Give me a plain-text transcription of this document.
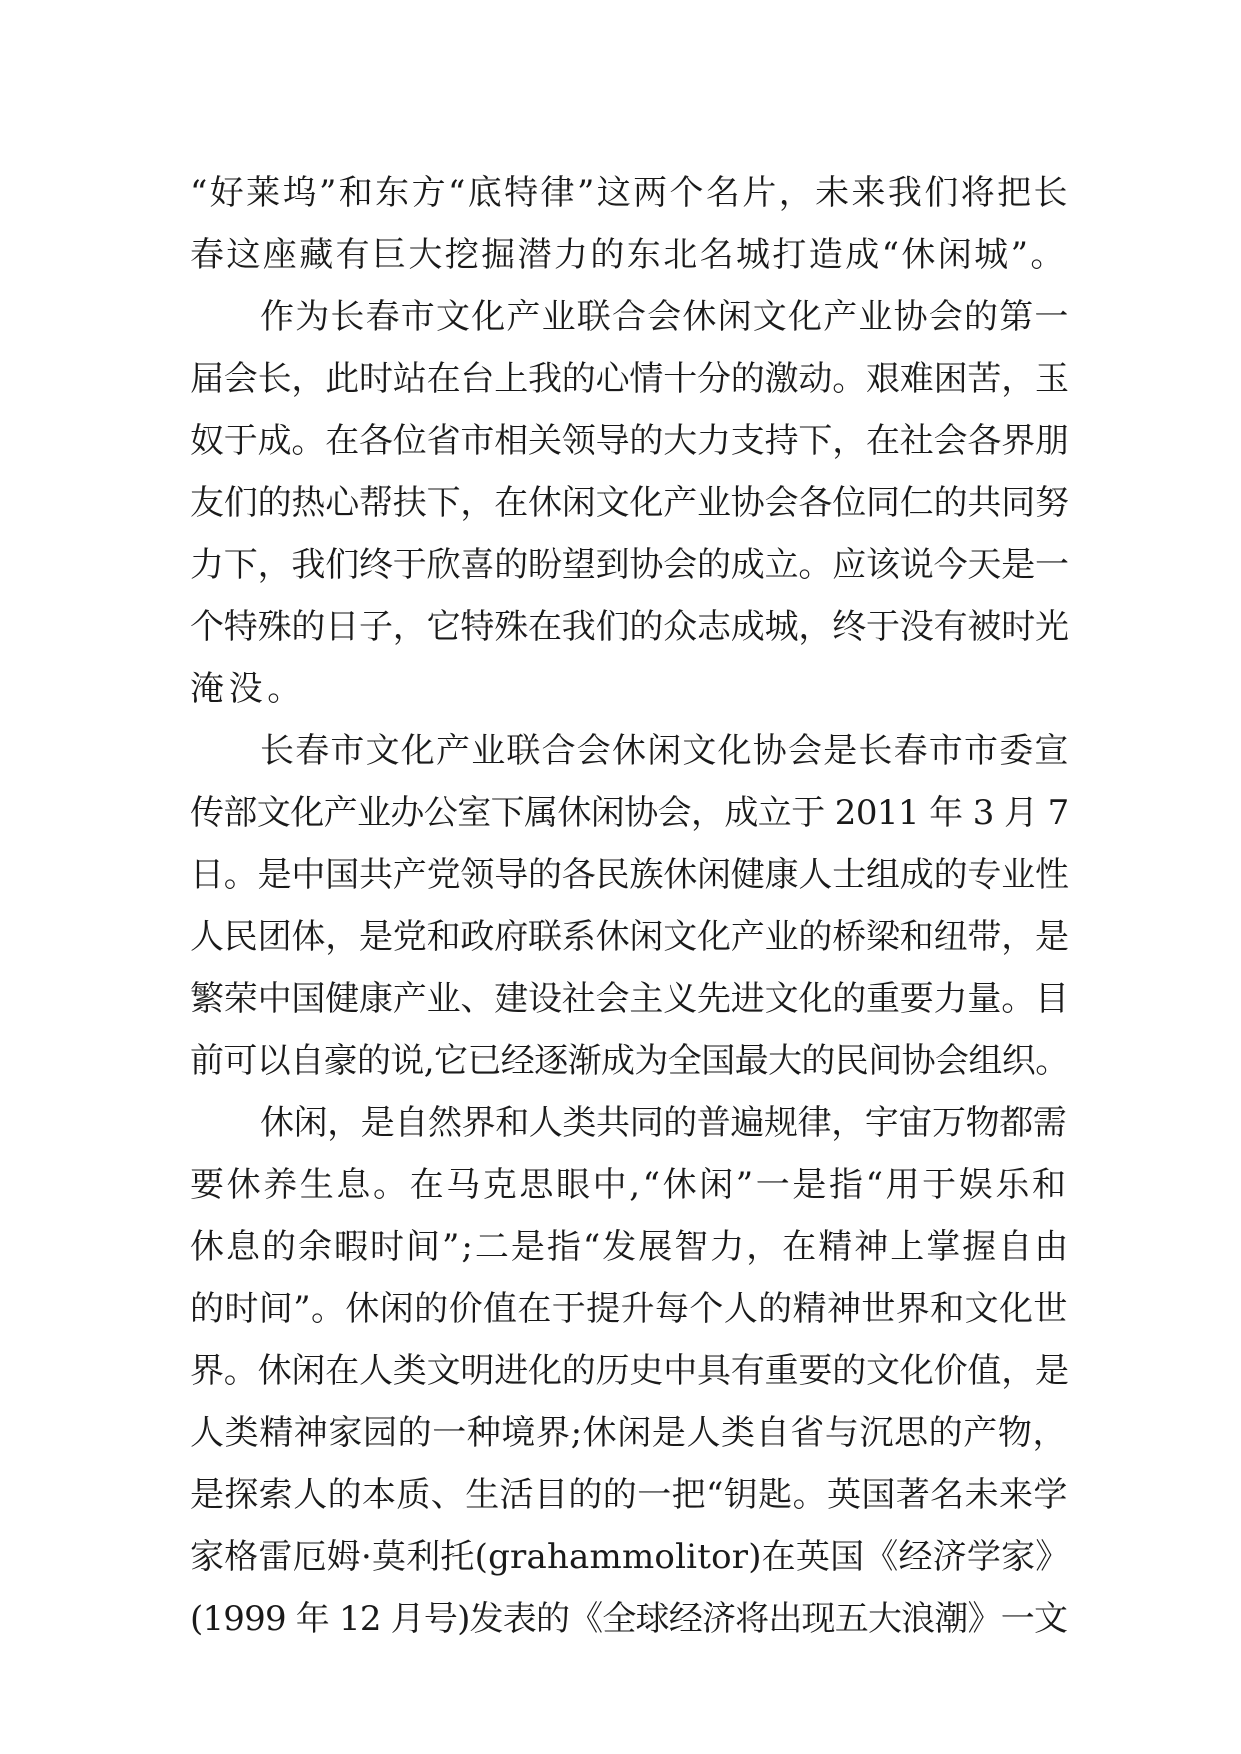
“好莱坞”和东方“底特律”这两个名片，未来我们将把长
春这座藏有巨大挖掘潜力的东北名城打造成“休闲城”。
作为长春市文化产业联合会休闲文化产业协会的第一
届会长，此时站在台上我的心情十分的激动。艰难困苦，玉
奴于成。在各位省市相关领导的大力支持下，在社会各界朋
友们的热心帮扶下，在休闲文化产业协会各位同仁的共同努
力下，我们终于欣喜的盼望到协会的成立。应该说今天是一
个特殊的日子，它特殊在我们的众志成城，终于没有被时光
淹没。
长春市文化产业联合会休闲文化协会是长春市市委宣
传部文化产业办公室下属休闲协会，成立于 2011 年 3 月 7
日。是中国共产党领导的各民族休闲健康人士组成的专业性
人民团体，是党和政府联系休闲文化产业的桥梁和纽带，是
繁荣中国健康产业、建设社会主义先进文化的重要力量。目
前可以自豪的说,它已经逐渐成为全国最大的民间协会组织。
休闲，是自然界和人类共同的普遍规律，宇宙万物都需
要休养生息。在马克思眼中,“休闲”一是指“用于娱乐和
休息的余暇时间”;二是指“发展智力，在精神上掌握自由
的时间”。休闲的价值在于提升每个人的精神世界和文化世
界。休闲在人类文明进化的历史中具有重要的文化价值，是
人类精神家园的一种境界;休闲是人类自省与沉思的产物，
是探索人的本质、生活目的的一把“钥匙。英国著名未来学
家格雷厄姆·莫利托(grahammolitor)在英国《经济学家》
(1999 年 12 月号)发表的《全球经济将出现五大浪潮》一文
